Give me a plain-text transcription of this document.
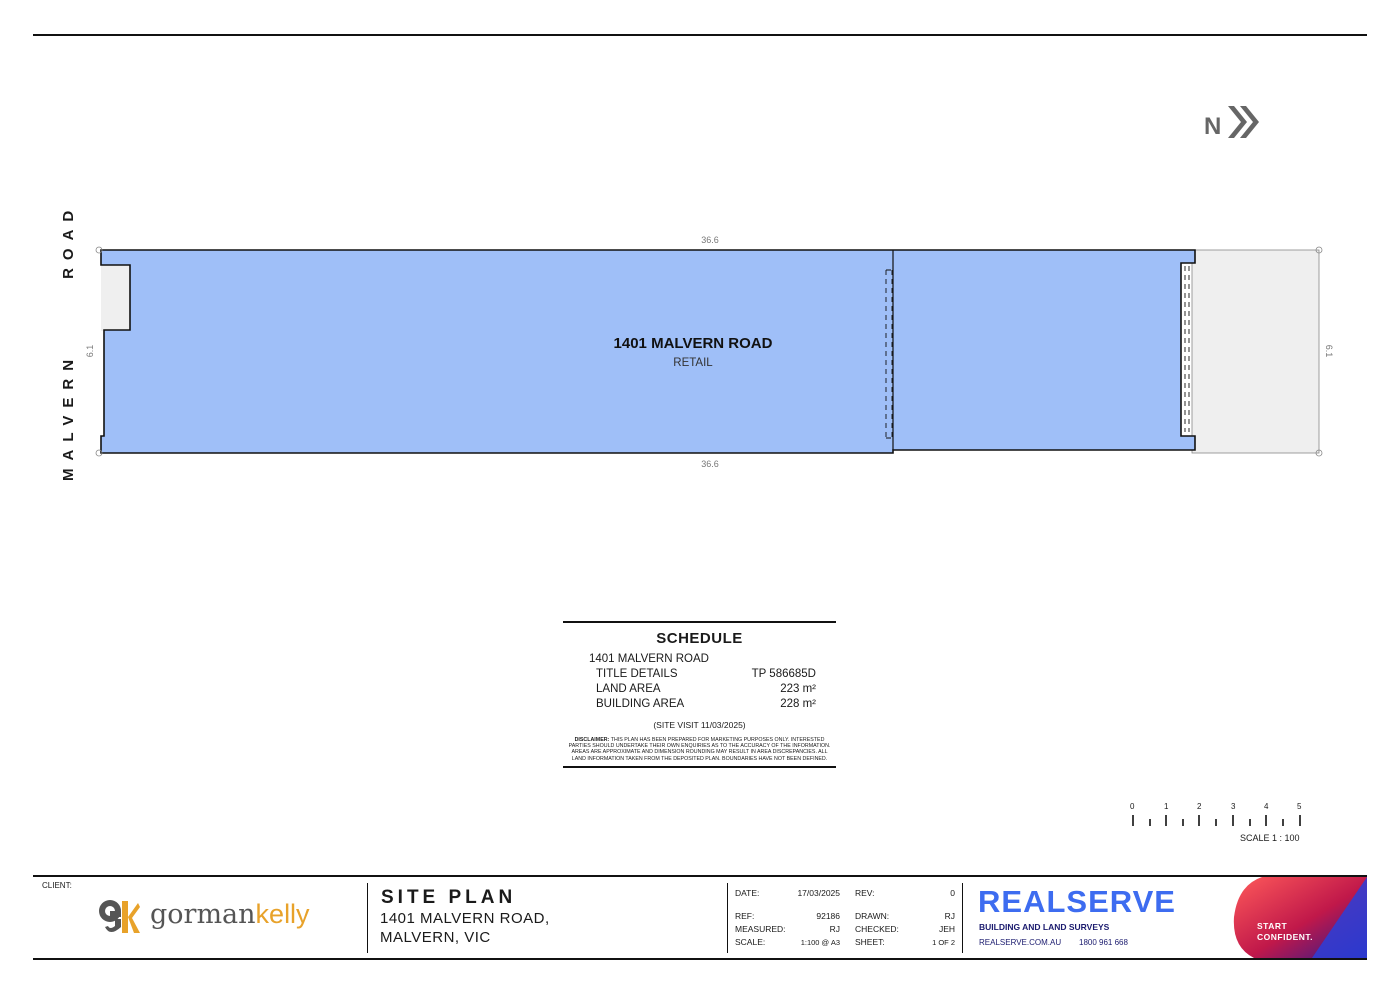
36.6
36.6
6.1	6.1
1401 MALVERN ROAD
RETAIL
N
MALVERN      ROAD
0	1	2	3	4	5
SCALE 1 : 100
SCHEDULE
1401 MALVERN ROAD
TITLE DETAILS	TP 586685D
LAND AREA	223 m²
BUILDING AREA	228 m²
(SITE VISIT 11/03/2025)
DISCLAIMER: THIS PLAN HAS BEEN PREPARED FOR MARKETING PURPOSES ONLY. INTERESTED PARTIES SHOULD UNDERTAKE THEIR OWN ENQUIRIES AS TO THE ACCURACY OF THE INFORMATION. AREAS ARE APPROXIMATE AND DIMENSION ROUNDING MAY RESULT IN AREA DISCREPANCIES. ALL LAND INFORMATION TAKEN FROM THE DEPOSITED PLAN. BOUNDARIES HAVE NOT BEEN DEFINED.
CLIENT:
gormankelly
SITE PLAN
1401 MALVERN ROAD,
MALVERN, VIC
DATE:	17/03/2025 REV:	0
REF:	92186 DRAWN:	RJ
MEASURED:	RJ CHECKED:	JEH
SCALE:	1:100 @ A3 SHEET:	1 OF 2
REALSERVE
BUILDING AND LAND SURVEYS
REALSERVE.COM.AU 1800 961 668
START
CONFIDENT.
